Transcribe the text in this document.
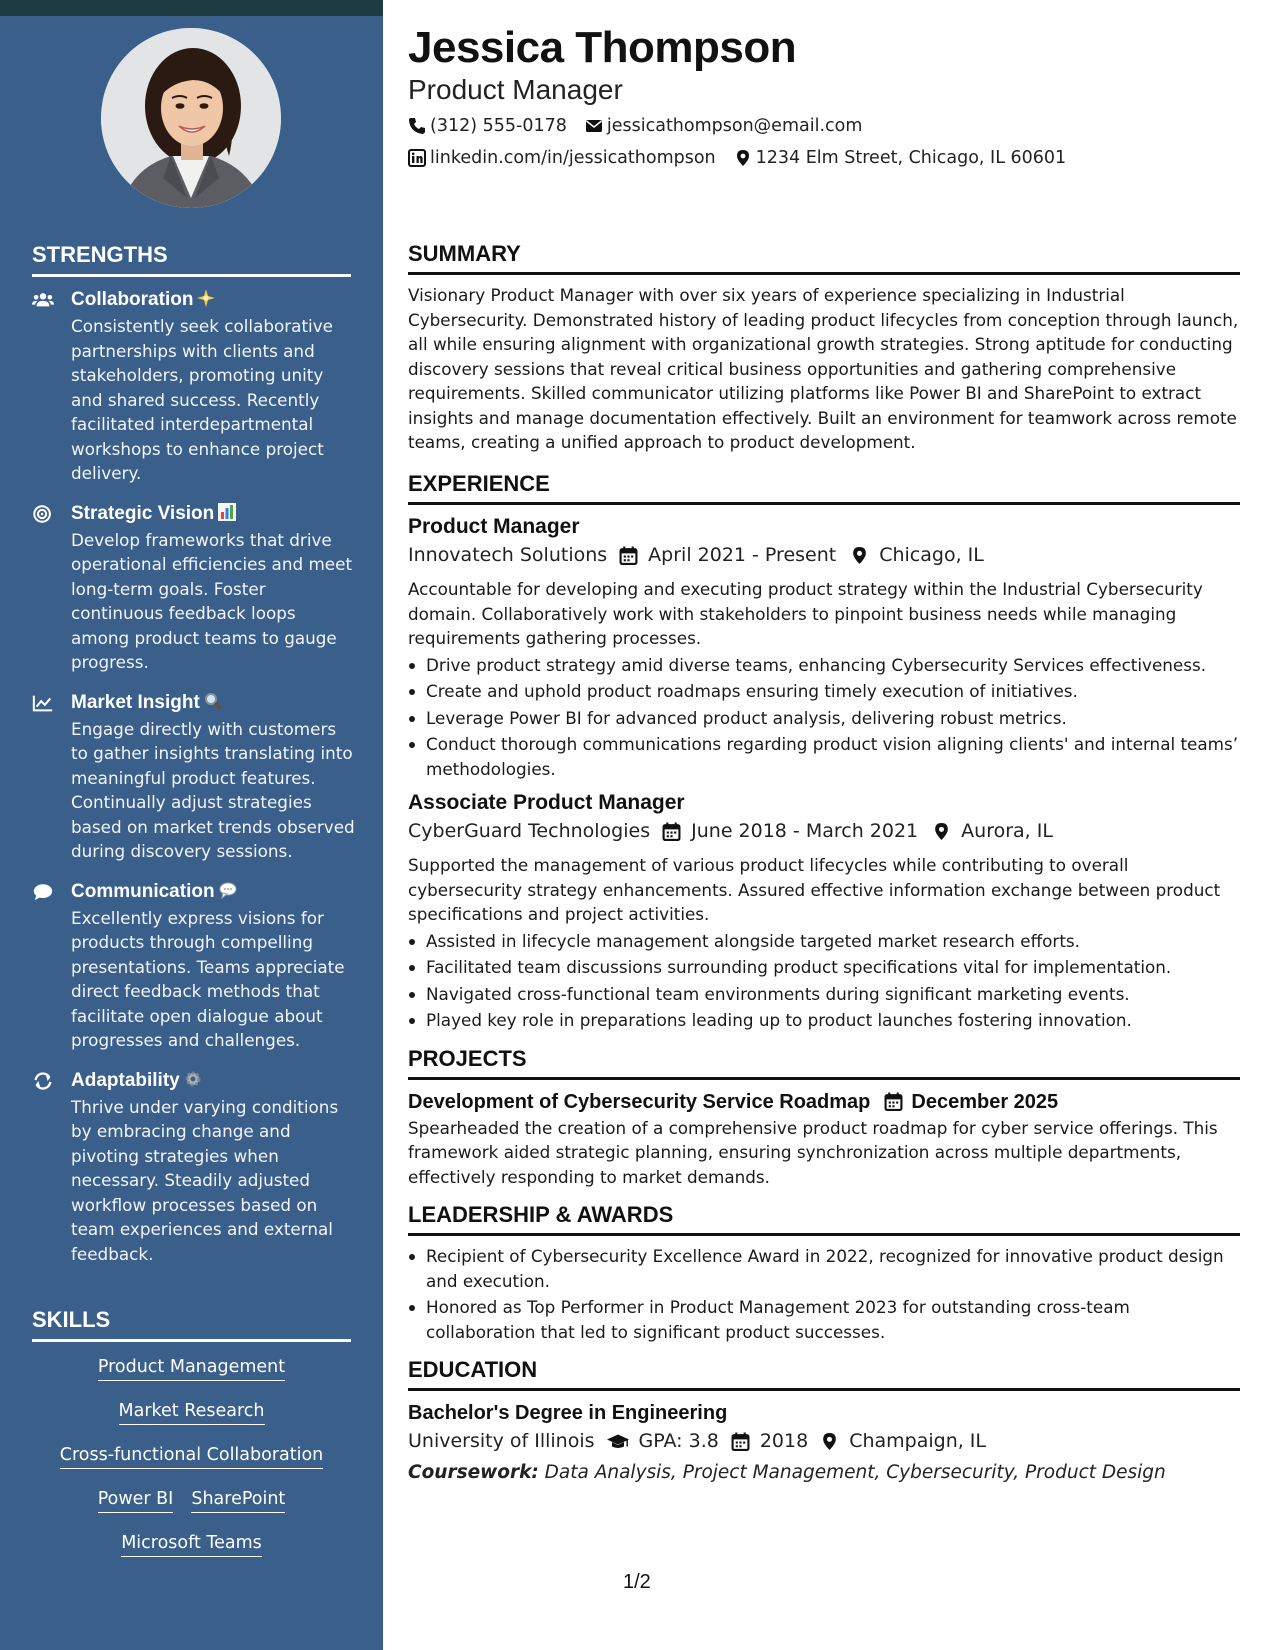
STRENGTHS
Collaboration
Consistently seek collaborative partnerships with clients and stakeholders, promoting unity and shared success. Recently facilitated interdepartmental workshops to enhance project delivery.
Strategic Vision
Develop frameworks that drive operational efficiencies and meet long-term goals. Foster continuous feedback loops among product teams to gauge progress.
Market Insight
Engage directly with customers to gather insights translating into meaningful product features. Continually adjust strategies based on market trends observed during discovery sessions.
Communication
Excellently express visions for products through compelling presentations. Teams appreciate direct feedback methods that facilitate open dialogue about progresses and challenges.
Adaptability
Thrive under varying conditions by embracing change and pivoting strategies when necessary. Steadily adjusted workflow processes based on team experiences and external feedback.
SKILLS
Product Management
Market Research
Cross-functional Collaboration
Power BI SharePoint
Microsoft Teams
Jessica Thompson
Product Manager
(312) 555-0178 jessicathompson@email.com
linkedin.com/in/jessicathompson 1234 Elm Street, Chicago, IL 60601
SUMMARY
Visionary Product Manager with over six years of experience specializing in Industrial Cybersecurity. Demonstrated history of leading product lifecycles from conception through launch, all while ensuring alignment with organizational growth strategies. Strong aptitude for conducting discovery sessions that reveal critical business opportunities and gathering comprehensive requirements. Skilled communicator utilizing platforms like Power BI and SharePoint to extract insights and manage documentation effectively. Built an environment for teamwork across remote teams, creating a unified approach to product development.
EXPERIENCE
Product Manager
Innovatech Solutions April 2021 - Present Chicago, IL
Accountable for developing and executing product strategy within the Industrial Cybersecurity domain. Collaboratively work with stakeholders to pinpoint business needs while managing requirements gathering processes.
Drive product strategy amid diverse teams, enhancing Cybersecurity Services effectiveness.
Create and uphold product roadmaps ensuring timely execution of initiatives.
Leverage Power BI for advanced product analysis, delivering robust metrics.
Conduct thorough communications regarding product vision aligning clients' and internal teams’ methodologies.
Associate Product Manager
CyberGuard Technologies June 2018 - March 2021 Aurora, IL
Supported the management of various product lifecycles while contributing to overall cybersecurity strategy enhancements. Assured effective information exchange between product specifications and project activities.
Assisted in lifecycle management alongside targeted market research efforts.
Facilitated team discussions surrounding product specifications vital for implementation.
Navigated cross-functional team environments during significant marketing events.
Played key role in preparations leading up to product launches fostering innovation.
PROJECTS
Development of Cybersecurity Service Roadmap December 2025
Spearheaded the creation of a comprehensive product roadmap for cyber service offerings. This framework aided strategic planning, ensuring synchronization across multiple departments, effectively responding to market demands.
LEADERSHIP & AWARDS
Recipient of Cybersecurity Excellence Award in 2022, recognized for innovative product design and execution.
Honored as Top Performer in Product Management 2023 for outstanding cross-team collaboration that led to significant product successes.
EDUCATION
Bachelor's Degree in Engineering
University of Illinois GPA: 3.8 2018 Champaign, IL
Coursework: Data Analysis, Project Management, Cybersecurity, Product Design
1/2
